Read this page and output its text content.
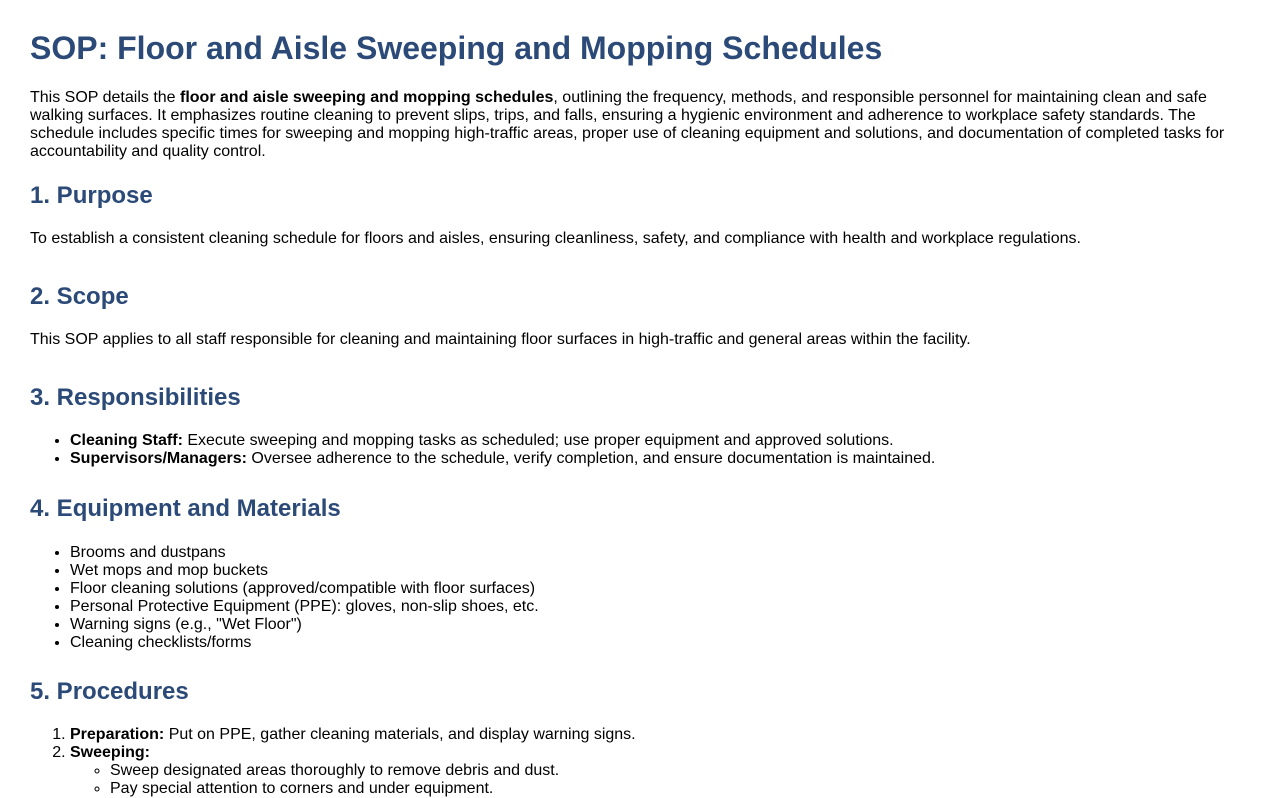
SOP: Floor and Aisle Sweeping and Mopping Schedules

This SOP details the floor and aisle sweeping and mopping schedules, outlining the frequency, methods, and responsible personnel for maintaining clean and safe walking surfaces. It emphasizes routine cleaning to prevent slips, trips, and falls, ensuring a hygienic environment and adherence to workplace safety standards. The schedule includes specific times for sweeping and mopping high-traffic areas, proper use of cleaning equipment and solutions, and documentation of completed tasks for accountability and quality control.

1. Purpose

To establish a consistent cleaning schedule for floors and aisles, ensuring cleanliness, safety, and compliance with health and workplace regulations.

2. Scope

This SOP applies to all staff responsible for cleaning and maintaining floor surfaces in high-traffic and general areas within the facility.

3. Responsibilities
• Cleaning Staff: Execute sweeping and mopping tasks as scheduled; use proper equipment and approved solutions.
• Supervisors/Managers: Oversee adherence to the schedule, verify completion, and ensure documentation is maintained.
4. Equipment and Materials
• Brooms and dustpans
• Wet mops and mop buckets
• Floor cleaning solutions (approved/compatible with floor surfaces)
• Personal Protective Equipment (PPE): gloves, non-slip shoes, etc.
• Warning signs (e.g., "Wet Floor")
• Cleaning checklists/forms
5. Procedures
1. Preparation: Put on PPE, gather cleaning materials, and display warning signs.
2. Sweeping:
◦ Sweep designated areas thoroughly to remove debris and dust.
◦ Pay special attention to corners and under equipment.
